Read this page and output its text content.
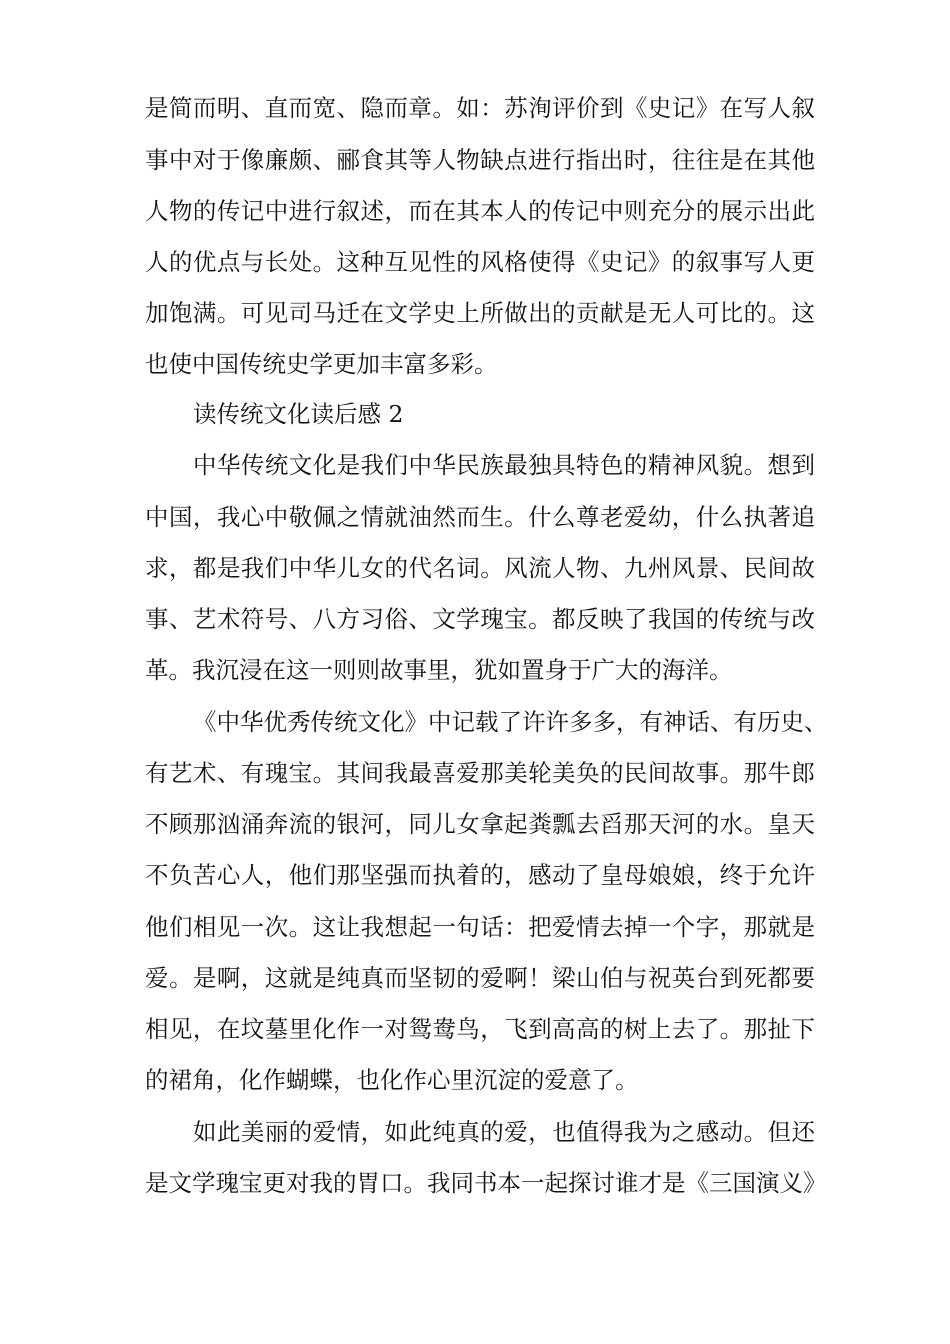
是简而明、直而宽、隐而章。如：苏洵评价到《史记》在写人叙
事中对于像廉颇、郦食其等人物缺点进行指出时，往往是在其他
人物的传记中进行叙述，而在其本人的传记中则充分的展示出此
人的优点与长处。这种互见性的风格使得《史记》的叙事写人更
加饱满。可见司马迁在文学史上所做出的贡献是无人可比的。这
也使中国传统史学更加丰富多彩。
读传统文化读后感 2
中华传统文化是我们中华民族最独具特色的精神风貌。想到
中国，我心中敬佩之情就油然而生。什么尊老爱幼，什么执著追
求，都是我们中华儿女的代名词。风流人物、九州风景、民间故
事、艺术符号、八方习俗、文学瑰宝。都反映了我国的传统与改
革。我沉浸在这一则则故事里，犹如置身于广大的海洋。
《中华优秀传统文化》中记载了许许多多，有神话、有历史、
有艺术、有瑰宝。其间我最喜爱那美轮美奂的民间故事。那牛郎
不顾那汹涌奔流的银河，同儿女拿起粪瓢去舀那天河的水。皇天
不负苦心人，他们那坚强而执着的，感动了皇母娘娘，终于允许
他们相见一次。这让我想起一句话：把爱情去掉一个字，那就是
爱。是啊，这就是纯真而坚韧的爱啊！梁山伯与祝英台到死都要
相见，在坟墓里化作一对鸳鸯鸟，飞到高高的树上去了。那扯下
的裙角，化作蝴蝶，也化作心里沉淀的爱意了。
如此美丽的爱情，如此纯真的爱，也值得我为之感动。但还
是文学瑰宝更对我的胃口。我同书本一起探讨谁才是《三国演义》
